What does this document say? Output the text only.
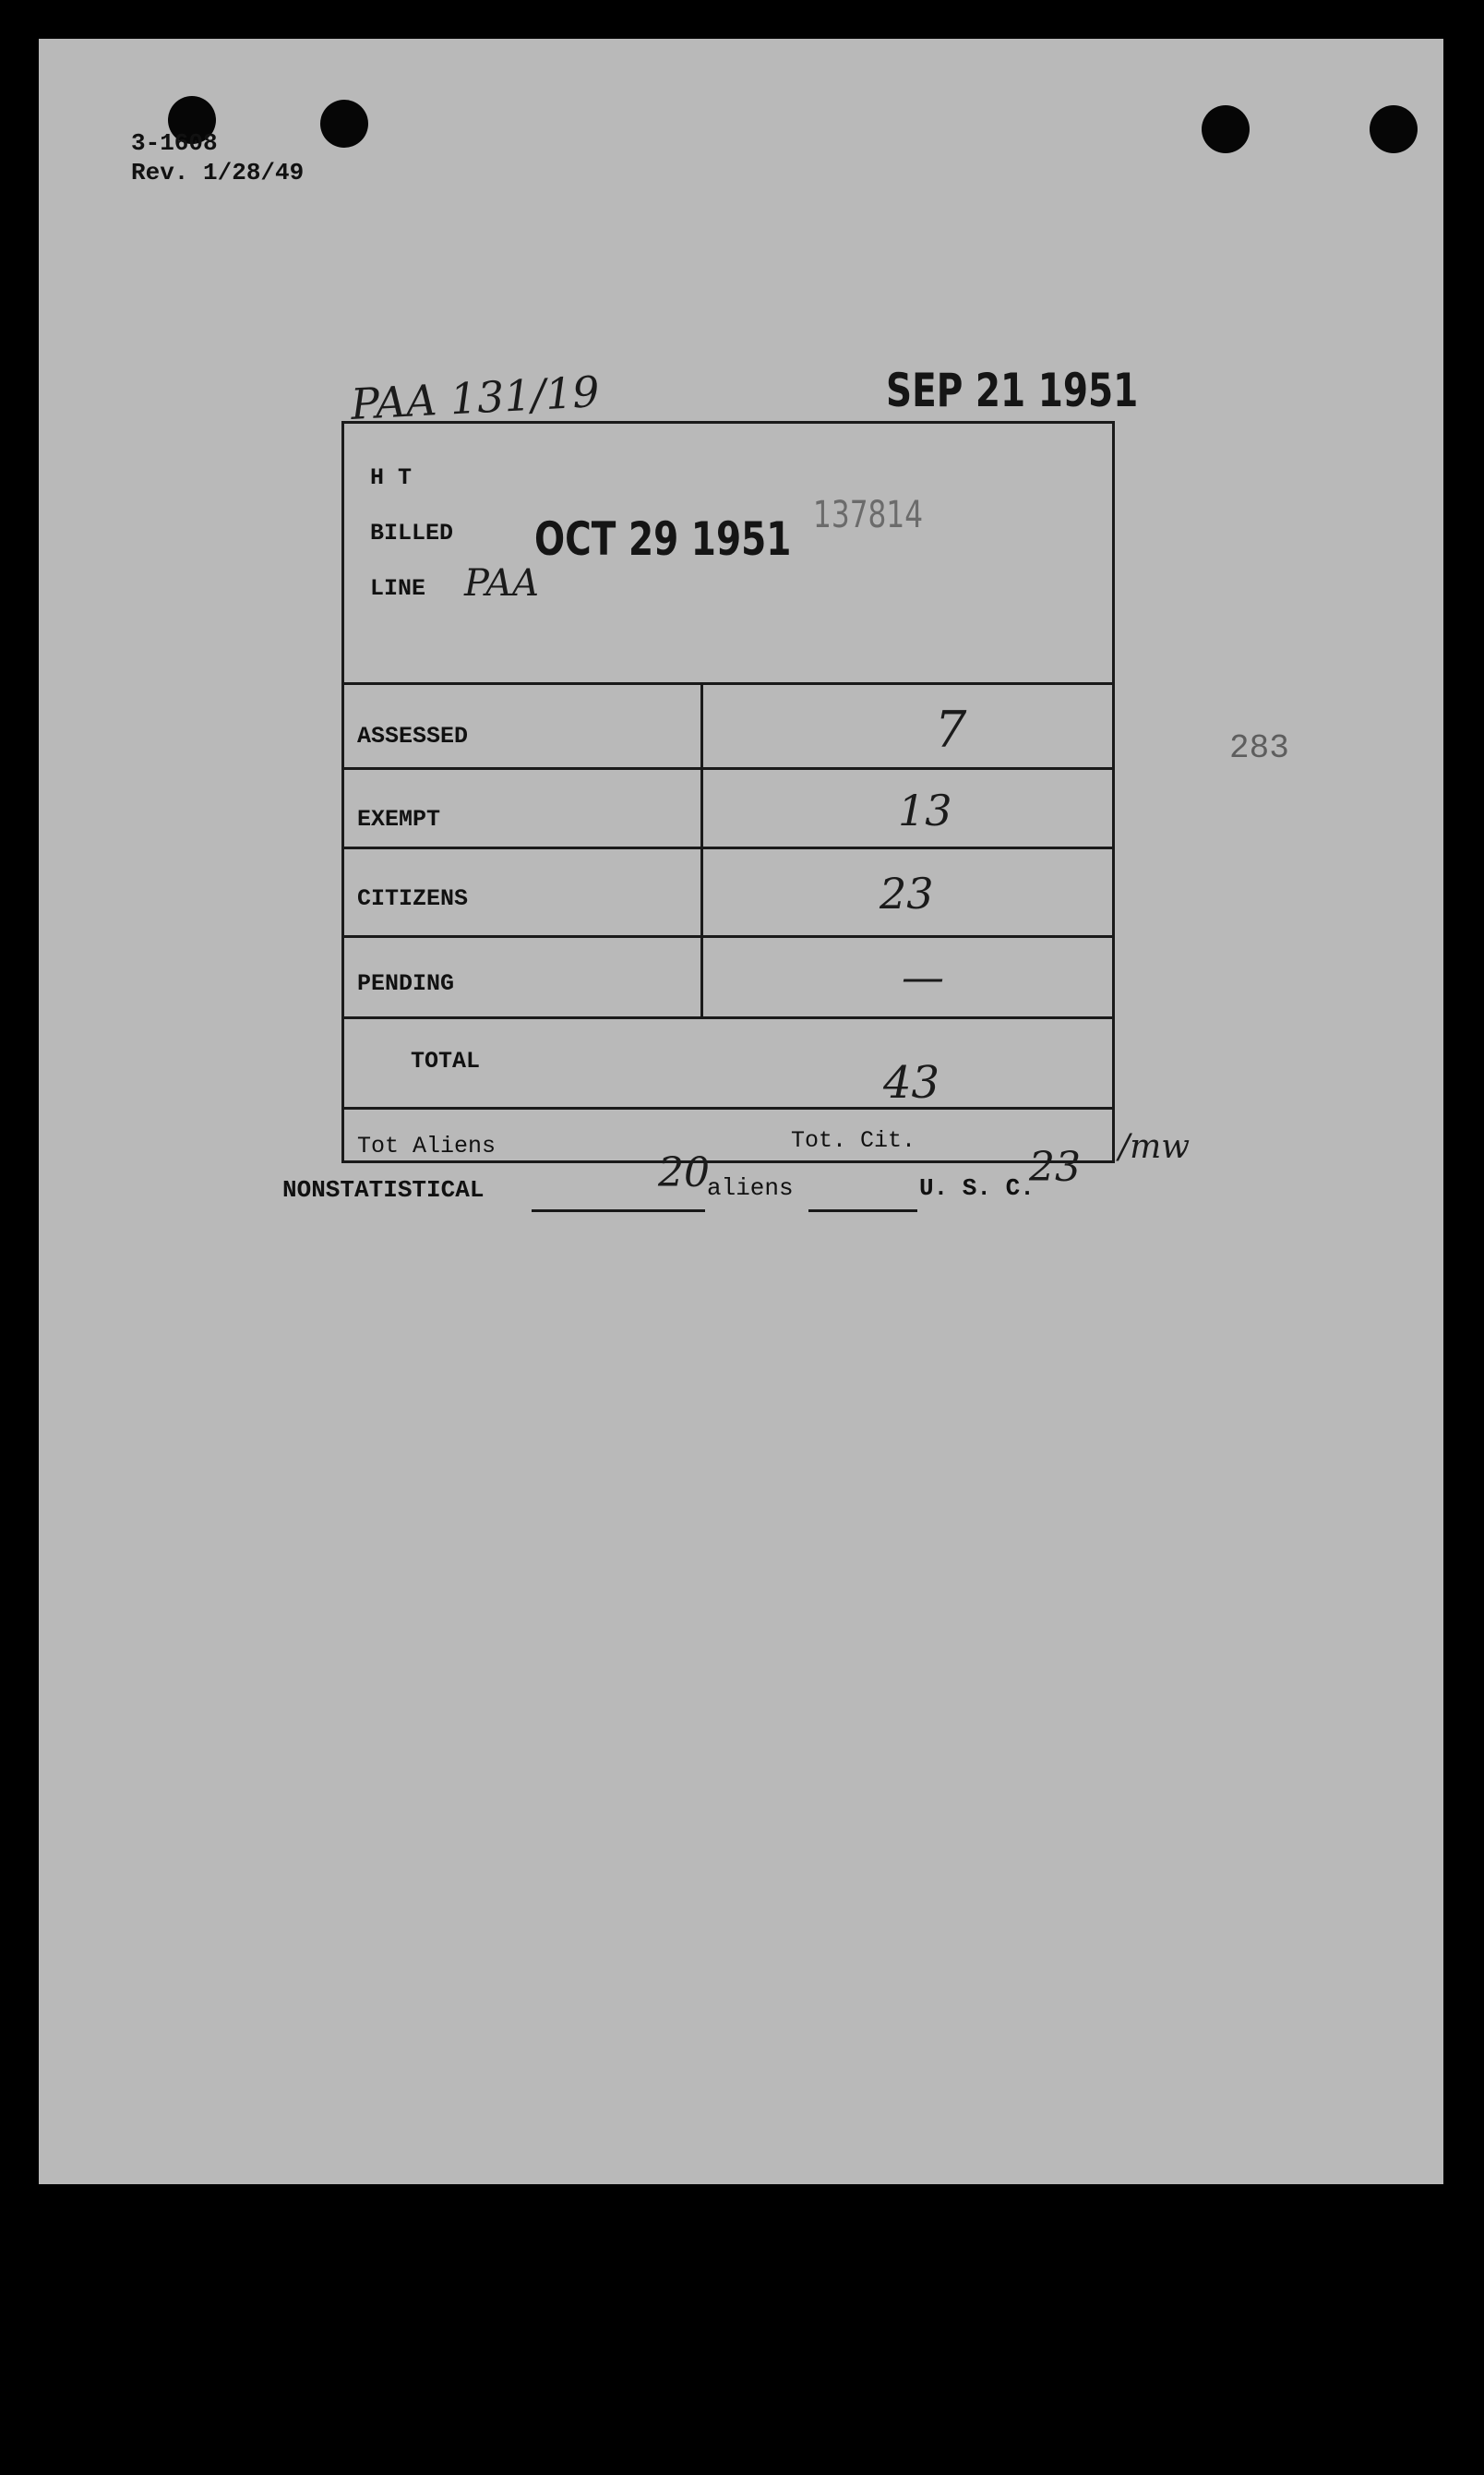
3-1608
Rev. 1/28/49
PAA 131/19	SEP 21 1951
H T
BILLED OCT 29 1951 137814
LINE PAA
ASSESSED	7
EXEMPT	13
CITIZENS	23
PENDING	—
TOTAL	43
Tot Aliens
20
Tot. Cit.
23 /mw
283
NONSTATISTICAL	aliens	U. S. C.
